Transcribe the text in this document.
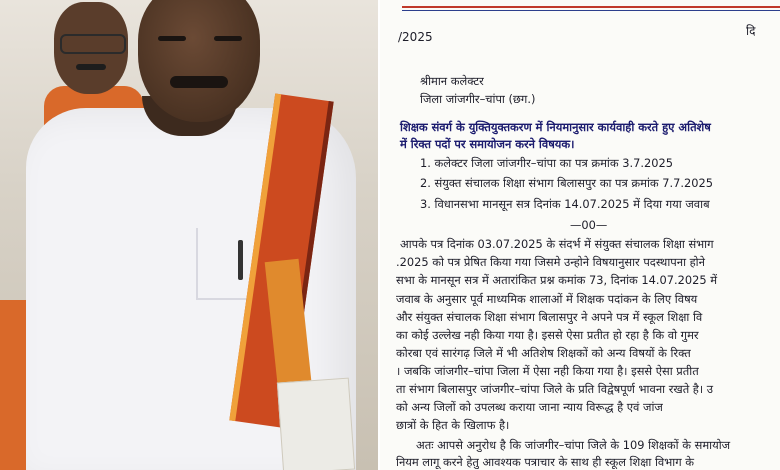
/2025	दि
श्रीमान कलेक्टर
जिला जांजगीर–चांपा (छग.)
शिक्षक संवर्ग के युक्तियुक्तकरण में नियमानुसार कार्यवाही करते हुए अतिशेष
में रिक्त पदों पर समायोजन करने विषयक।
1. कलेक्टर जिला जांजगीर–चांपा का पत्र क्रमांक 3.7.2025
2. संयुक्त संचालक शिक्षा संभाग बिलासपुर का पत्र क्रमांक 7.7.2025
3. विधानसभा मानसून सत्र दिनांक 14.07.2025 में दिया गया जवाब
—00—
आपके पत्र दिनांक 03.07.2025 के संदर्भ में संयुक्त संचालक शिक्षा संभाग
.2025 को पत्र प्रेषित किया गया जिसमे उन्होने विषयानुसार पदस्थापना होने
सभा के मानसून सत्र में अतारांकित प्रश्न कमांक 73, दिनांक 14.07.2025 में
जवाब के अनुसार पूर्व माध्यमिक शालाओं में शिक्षक पदांकन के लिए विषय
और संयुक्त संचालक शिक्षा संभाग बिलासपुर ने अपने पत्र में स्कूल शिक्षा वि
का कोई उल्लेख नही किया गया है। इससे ऐसा प्रतीत हो रहा है कि वो गुमर
कोरबा एवं सारंगढ़ जिले में भी अतिशेष शिक्षकों को अन्य विषयों के रिक्त
। जबकि जांजगीर–चांपा जिला में ऐसा नही किया गया है। इससे ऐसा प्रतीत
ता संभाग बिलासपुर जांजगीर–चांपा जिले के प्रति विद्वेषपूर्ण भावना रखते है। उ
को अन्य जिलों को उपलब्ध कराया जाना न्याय विरूद्ध है एवं जांज
छात्रों के हित के खिलाफ है।
अतः आपसे अनुरोध है कि जांजगीर–चांपा जिले के 109 शिक्षकों के समायोज
नियम लागू करने हेतु आवश्यक पत्राचार के साथ ही स्कूल शिक्षा विभाग के
